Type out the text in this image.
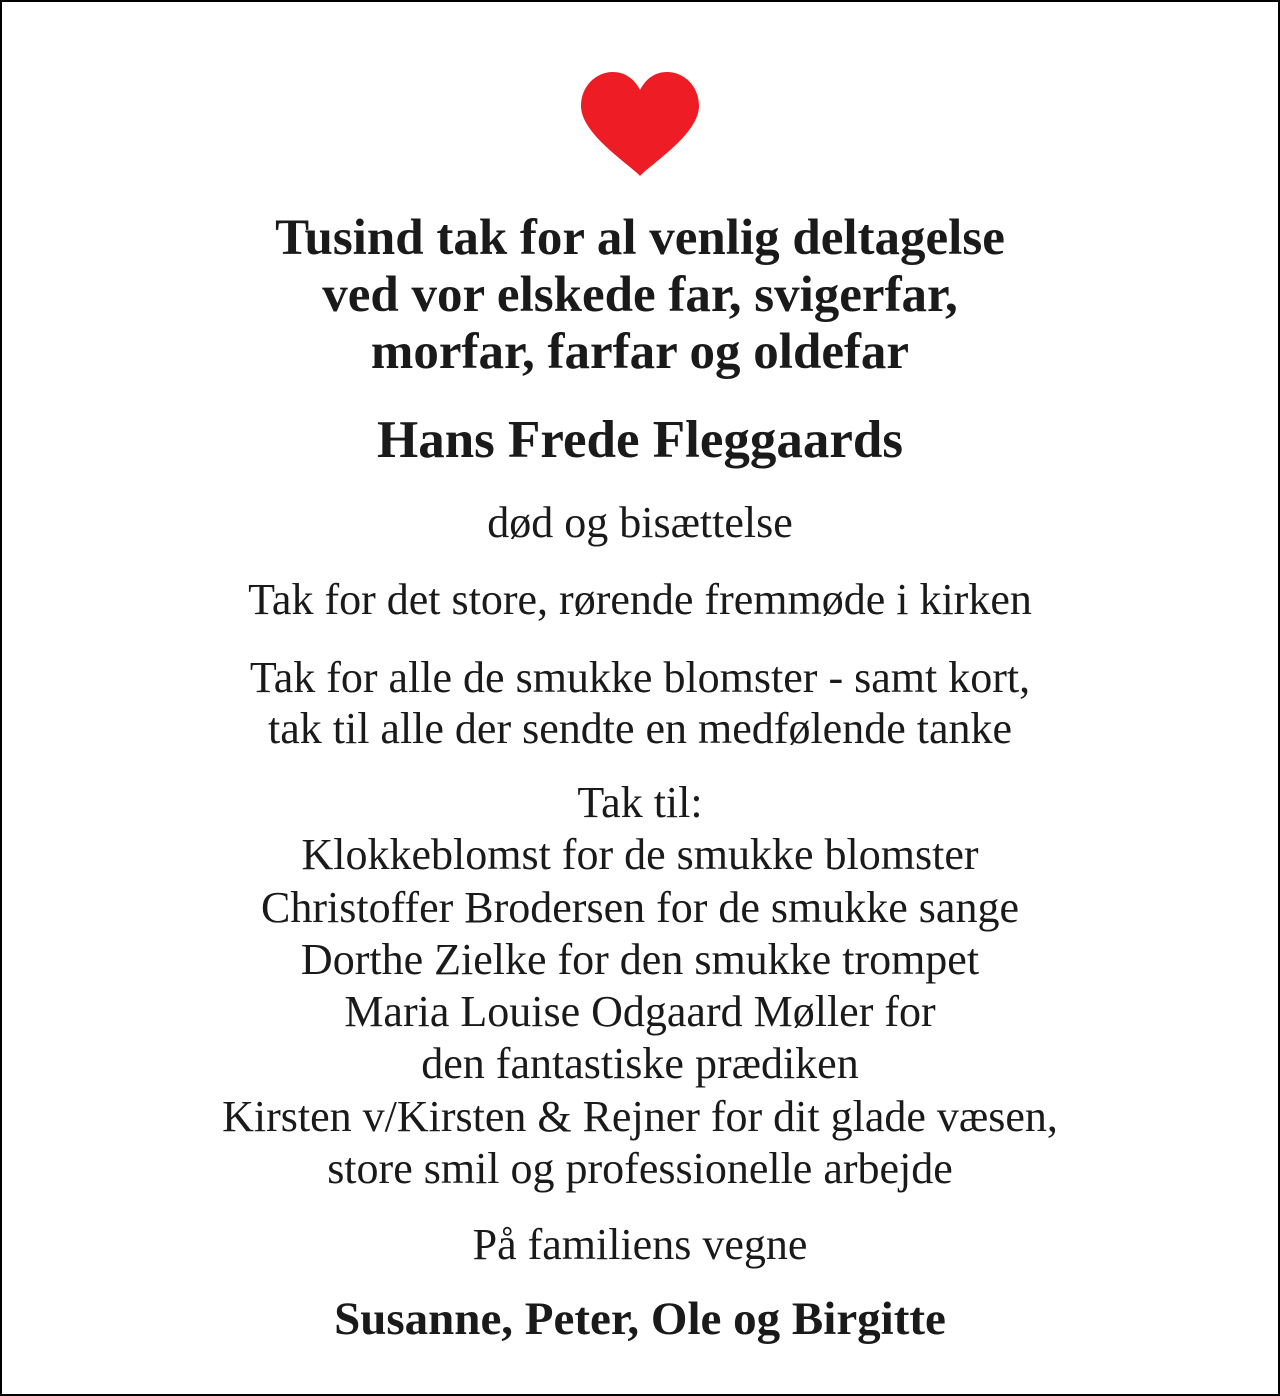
Tusind tak for al venlig deltagelse
ved vor elskede far, svigerfar,
morfar, farfar og oldefar
Hans Frede Fleggaards

død og bisættelse

Tak for det store, rørende fremmøde i kirken

Tak for alle de smukke blomster - samt kort,
tak til alle der sendte en medfølende tanke

Tak til:
Klokkeblomst for de smukke blomster
Christoffer Brodersen for de smukke sange
Dorthe Zielke for den smukke trompet
Maria Louise Odgaard Møller for
den fantastiske prædiken
Kirsten v/Kirsten & Rejner for dit glade væsen,
store smil og professionelle arbejde

På familiens vegne

Susanne, Peter, Ole og Birgitte
